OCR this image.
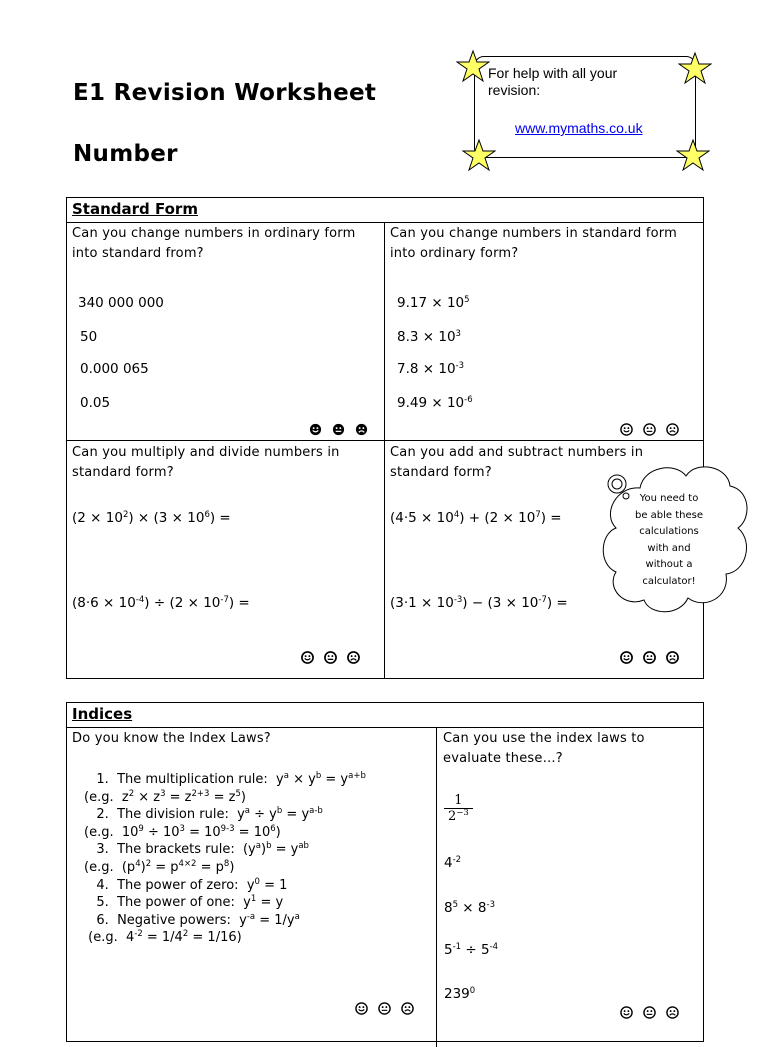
E1 Revision Worksheet
Number
For help with all your
revision:
www.mymaths.co.uk
Standard Form
Can you change numbers in ordinary form
into standard from?
340 000 000
50
0.000 065
0.05
Can you change numbers in standard form
into ordinary form?
$9.17 \times 10^5$
$8.3 \times 10^3$
$7.8 \times 10^{-3}$
$9.49 \times 10^{-6}$
Can you multiply and divide numbers in
standard form?
$(2 \times 10^2) \times (3 \times 10^6)$ =
$(8\cdot 6 \times 10^{-4}) \div (2 \times 10^{-7})$ =
Can you add and subtract numbers in
standard form?
$(4\cdot 5 \times 10^4) + (2 \times 10^7)$ =
$(3\cdot 1 \times 10^{-3}) - (3 \times 10^{-7})$ =
You need to
be able these
calculations
with and
without a
calculator!
Indices
Do you know the Index Laws?
1.  The multiplication rule:  $y^a \times y^b = y^{a+b}$
(e.g.  $z^2 \times z^3 = z^{2+3} = z^5$)
2.  The division rule:  $y^a \div y^b = y^{a-b}$
(e.g.  $10^9 \div 10^3 = 10^{9-3} = 10^6$)
3.  The brackets rule:  $(y^a)^b = y^{ab}$
(e.g.  $(p^4)^2 = p^{4\times 2} = p^8$)
4.  The power of zero:  $y^0 = 1$
5.  The power of one:  $y^1 = y$
6.  Negative powers:  $y^{-a} = 1/y^a$
(e.g.  $4^{-2} = 1/4^2 = 1/16$)
Can you use the index laws to
evaluate these…?
1
$2^{-3}$
$4^{-2}$
$8^5 \times 8^{-3}$
$5^{-1} \div 5^{-4}$
$239^0$
